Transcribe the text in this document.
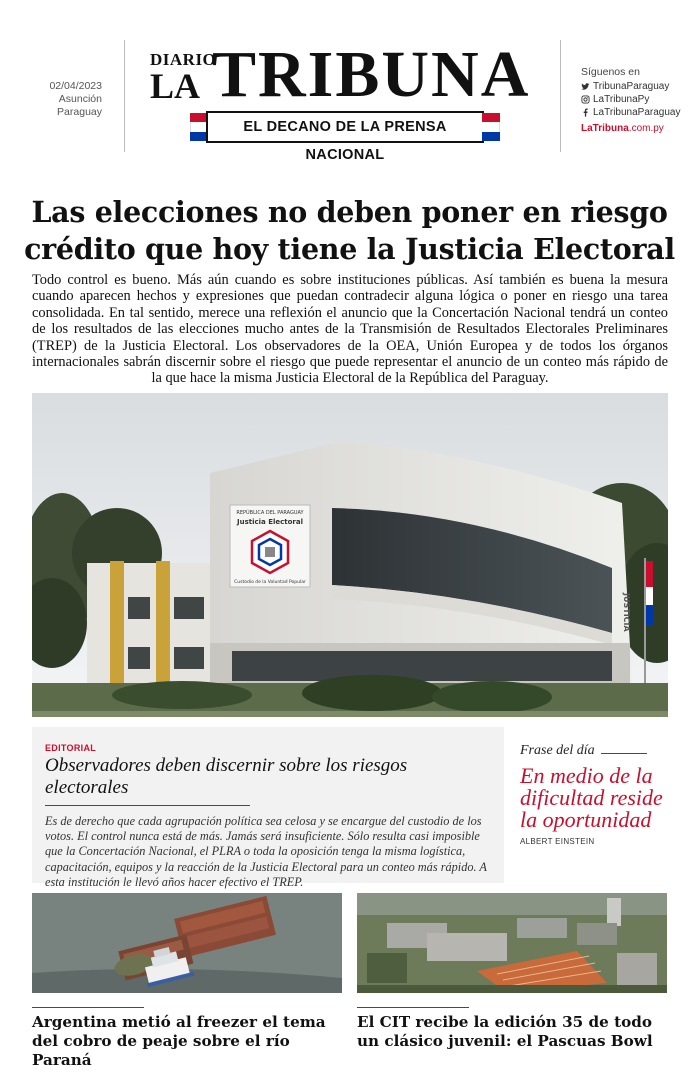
02/04/2023
Asunción
Paraguay
DIARIO
LA TRIBUNA
EL DECANO DE LA PRENSA NACIONAL
Síguenos en
TribunaParaguay
LaTribunaPy
LaTribunaParaguay
LaTribuna.com.py
Las elecciones no deben poner en riesgo crédito que hoy tiene la Justicia Electoral

Todo control es bueno. Más aún cuando es sobre instituciones públicas. Así también es buena la mesura cuando aparecen hechos y expresiones que puedan contradecir alguna lógica o poner en riesgo una tarea consolidada. En tal sentido, merece una reflexión el anuncio que la Concertación Nacional tendrá un conteo de los resultados de las elecciones mucho antes de la Transmisión de Resultados Electorales Preliminares (TREP) de la Justicia Electoral. Los observadores de la OEA, Unión Europea y de todos los órganos internacionales sabrán discernir sobre el riesgo que puede representar el anuncio de un conteo más rápido de la que hace la misma Justicia Electoral de la República del Paraguay.

REPÚBLICA DEL PARAGUAY
Justicia Electoral
Custodio de la Voluntad Popular
JUSTICIA
EDITORIAL
Observadores deben discernir sobre los riesgos electorales
Es de derecho que cada agrupación política sea celosa y se encargue del custodio de los votos. El control nunca está de más. Jamás será insuficiente. Sólo resulta casi imposible que la Concertación Nacional, el PLRA o toda la oposición tenga la misma logística, capacitación, equipos y la reacción de la Justicia Electoral para un conteo más rápido. A esta institución le llevó años hacer efectivo el TREP.
Frase del día
En medio de la dificultad reside la oportunidad
ALBERT EINSTEIN
Argentina metió al freezer el tema del cobro de peaje sobre el río Paraná
El CIT recibe la edición 35 de todo un clásico juvenil: el Pascuas Bowl
